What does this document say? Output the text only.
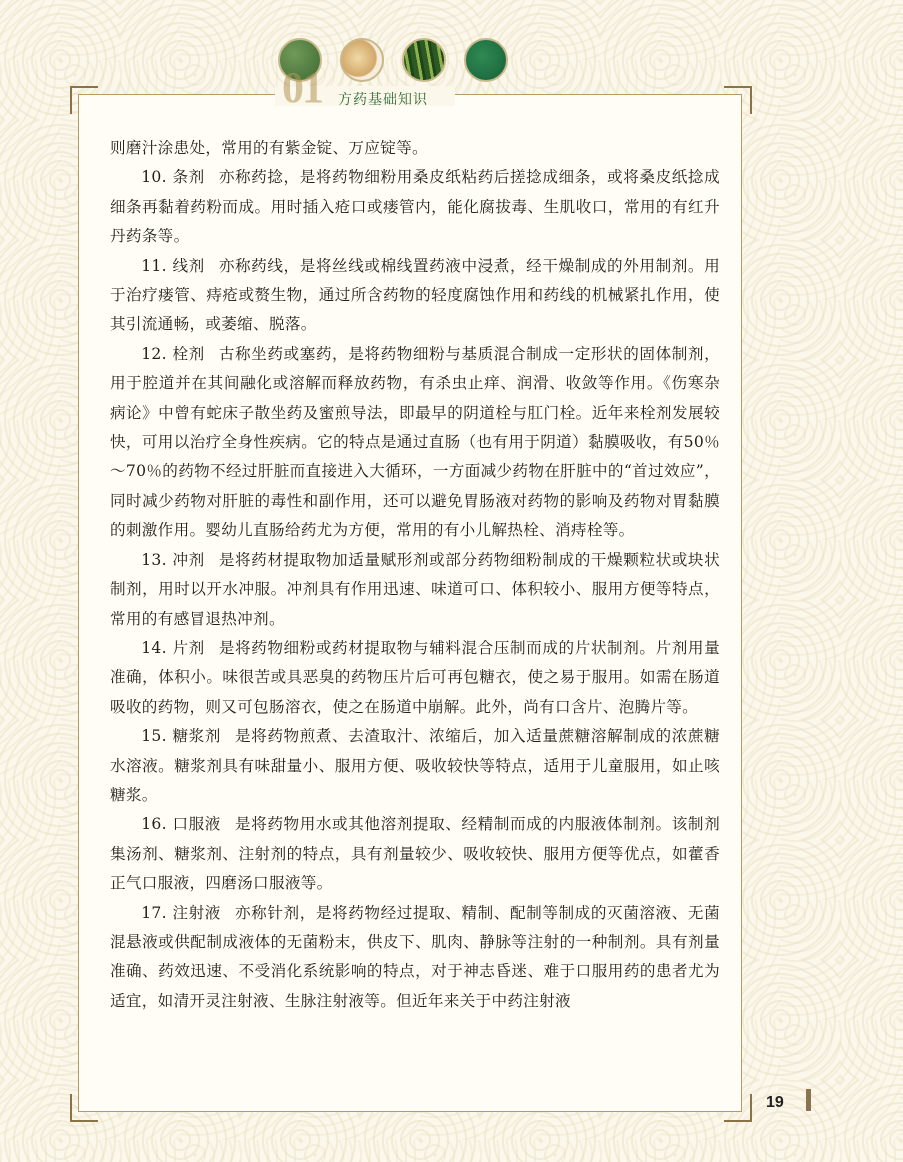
01 方药基础知识

则磨汁涂患处，常用的有紫金锭、万应锭等。

10. 条剂 亦称药捻，是将药物细粉用桑皮纸粘药后搓捻成细条，或将桑皮纸捻成细条再黏着药粉而成。用时插入疮口或瘘管内，能化腐拔毒、生肌收口，常用的有红升丹药条等。

11. 线剂 亦称药线，是将丝线或棉线置药液中浸煮，经干燥制成的外用制剂。用于治疗瘘管、痔疮或赘生物，通过所含药物的轻度腐蚀作用和药线的机械紧扎作用，使其引流通畅，或萎缩、脱落。

12. 栓剂 古称坐药或塞药，是将药物细粉与基质混合制成一定形状的固体制剂，用于腔道并在其间融化或溶解而释放药物，有杀虫止痒、润滑、收敛等作用。《伤寒杂病论》中曾有蛇床子散坐药及蜜煎导法，即最早的阴道栓与肛门栓。近年来栓剂发展较快，可用以治疗全身性疾病。它的特点是通过直肠（也有用于阴道）黏膜吸收，有50％～70％的药物不经过肝脏而直接进入大循环，一方面减少药物在肝脏中的“首过效应”，同时减少药物对肝脏的毒性和副作用，还可以避免胃肠液对药物的影响及药物对胃黏膜的刺激作用。婴幼儿直肠给药尤为方便，常用的有小儿解热栓、消痔栓等。

13. 冲剂 是将药材提取物加适量赋形剂或部分药物细粉制成的干燥颗粒状或块状制剂，用时以开水冲服。冲剂具有作用迅速、味道可口、体积较小、服用方便等特点，常用的有感冒退热冲剂。

14. 片剂 是将药物细粉或药材提取物与辅料混合压制而成的片状制剂。片剂用量准确，体积小。味很苦或具恶臭的药物压片后可再包糖衣，使之易于服用。如需在肠道吸收的药物，则又可包肠溶衣，使之在肠道中崩解。此外，尚有口含片、泡腾片等。

15. 糖浆剂 是将药物煎煮、去渣取汁、浓缩后，加入适量蔗糖溶解制成的浓蔗糖水溶液。糖浆剂具有味甜量小、服用方便、吸收较快等特点，适用于儿童服用，如止咳糖浆。

16. 口服液 是将药物用水或其他溶剂提取、经精制而成的内服液体制剂。该制剂集汤剂、糖浆剂、注射剂的特点，具有剂量较少、吸收较快、服用方便等优点，如藿香正气口服液，四磨汤口服液等。

17. 注射液 亦称针剂，是将药物经过提取、精制、配制等制成的灭菌溶液、无菌混悬液或供配制成液体的无菌粉末，供皮下、肌肉、静脉等注射的一种制剂。具有剂量准确、药效迅速、不受消化系统影响的特点，对于神志昏迷、难于口服用药的患者尤为适宜，如清开灵注射液、生脉注射液等。但近年来关于中药注射液

19
